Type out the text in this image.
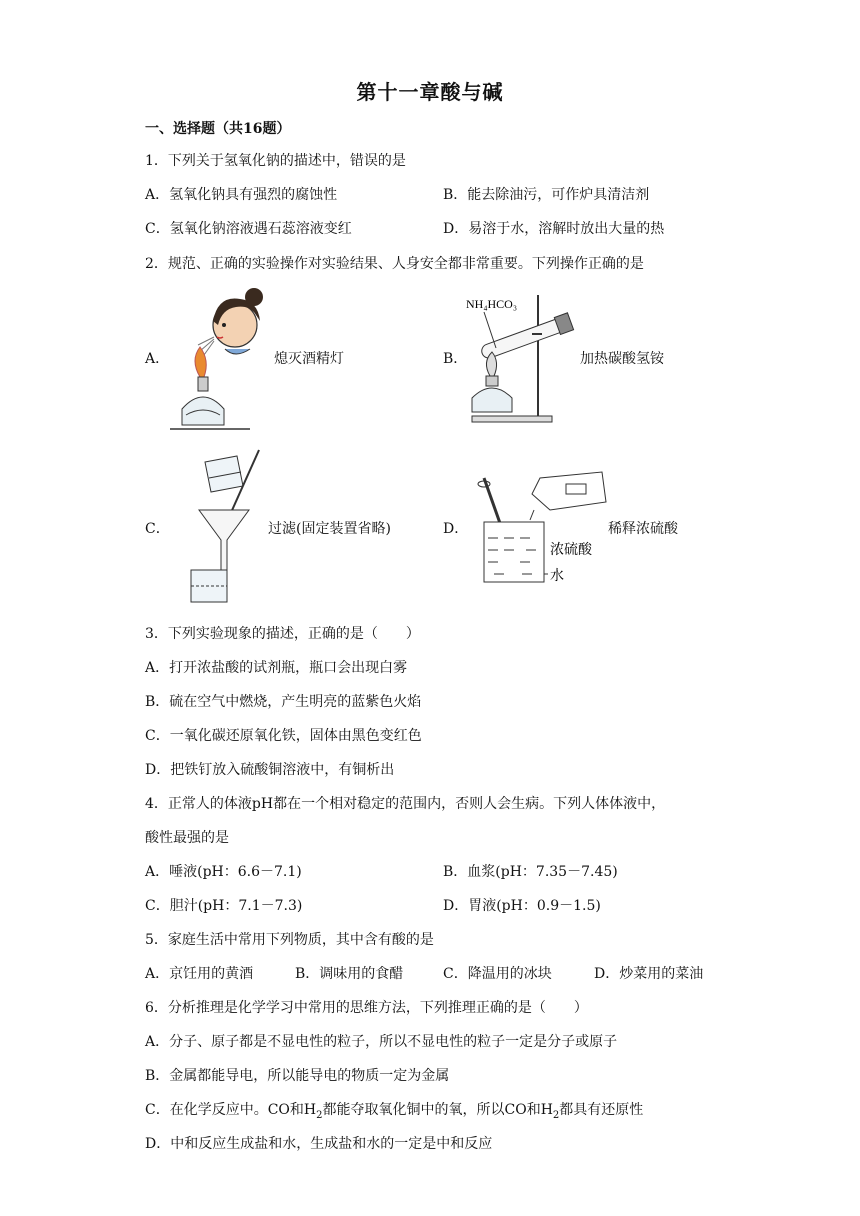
第十一章酸与碱
一、选择题（共16题）
1．下列关于氢氧化钠的描述中，错误的是
A．氢氧化钠具有强烈的腐蚀性	B．能去除油污，可作炉具清洁剂
C．氢氧化钠溶液遇石蕊溶液变红	D．易溶于水，溶解时放出大量的热
2．规范、正确的实验操作对实验结果、人身安全都非常重要。下列操作正确的是
A．	熄灭酒精灯	B．
NH₄HCO₃
加热碳酸氢铵
C．	过滤(固定装置省略)	D．
浓硫酸
水
稀释浓硫酸
3．下列实验现象的描述，正确的是（　　）
A．打开浓盐酸的试剂瓶，瓶口会出现白雾
B．硫在空气中燃烧，产生明亮的蓝紫色火焰
C．一氧化碳还原氧化铁，固体由黑色变红色
D．把铁钉放入硫酸铜溶液中，有铜析出
4．正常人的体液pH都在一个相对稳定的范围内，否则人会生病。下列人体体液中，
酸性最强的是
A．唾液(pH：6.6－7.1)	B．血浆(pH：7.35－7.45)
C．胆汁(pH：7.1－7.3)	D．胃液(pH：0.9－1.5)
5．家庭生活中常用下列物质，其中含有酸的是
A．京饪用的黄酒	B．调味用的食醋	C．降温用的冰块	D．炒菜用的菜油
6．分析推理是化学学习中常用的思维方法，下列推理正确的是（　　）
A．分子、原子都是不显电性的粒子，所以不显电性的粒子一定是分子或原子
B．金属都能导电，所以能导电的物质一定为金属
C．在化学反应中。CO和$H_2$都能夺取氧化铜中的氧，所以CO和$H_2$都具有还原性
D．中和反应生成盐和水，生成盐和水的一定是中和反应
